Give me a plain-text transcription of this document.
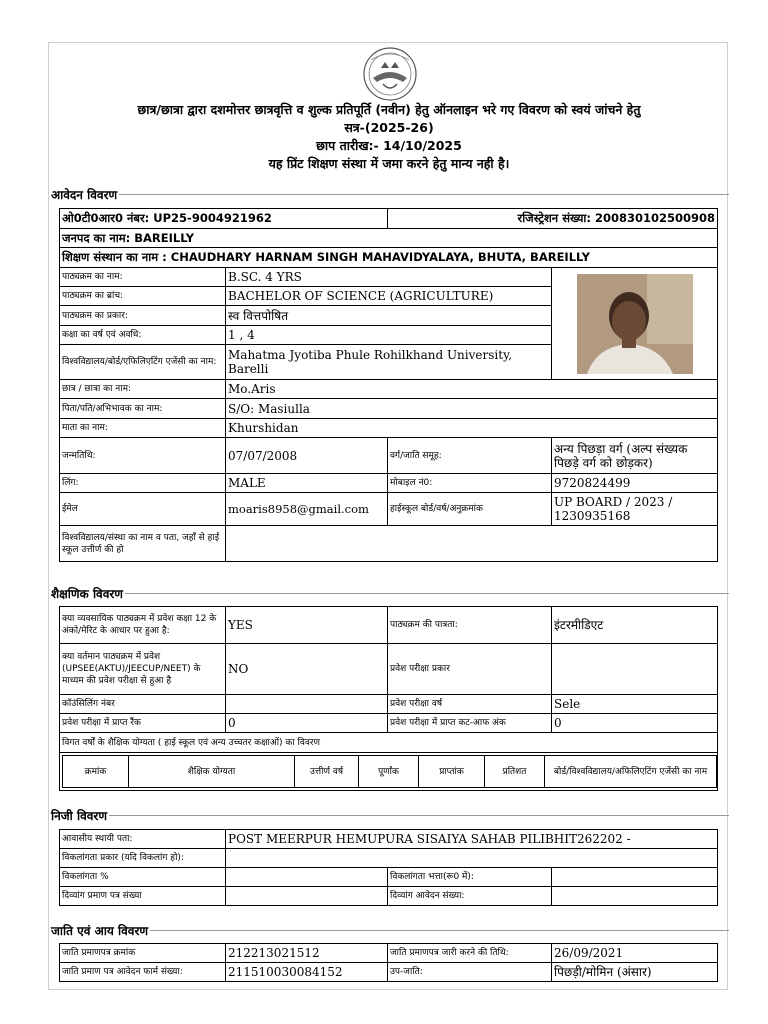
छात्र/छात्रा द्वारा दशमोत्तर छात्रवृत्ति व शुल्क प्रतिपूर्ति (नवीन) हेतु ऑनलाइन भरे गए विवरण को स्वयं जांचने हेतु
सत्र-(2025-26)
छाप तारीख:- 14/10/2025
यह प्रिंट शिक्षण संस्था में जमा करने हेतु मान्य नही है।
आवेदन विवरण
ओ0टी0आर0 नंबर: UP25-9004921962		रजिस्ट्रेशन संख्या: 200830102500908	
जनपद का नाम: BAREILLY			
शिक्षण संस्थान का नाम : CHAUDHARY HARNAM SINGH MAHAVIDYALAYA, BHUTA, BAREILLY			
पाठ्यक्रम का नाम:	B.SC. 4 YRS	

पाठ्यक्रम का ब्रांच:	BACHELOR OF SCIENCE (AGRICULTURE)		
पाठ्यक्रम का प्रकार:	स्व वित्तपोषित		
कक्षा का वर्ष एवं अवधि:	1 , 4		
विश्वविद्यालय/बोर्ड/एफिलिएटिंग एजेंसी का नाम:	Mahatma Jyotiba Phule Rohilkhand University, Barelli		
छात्र / छात्रा का नाम:	Mo.Aris		
पिता/पति/अभिभावक का नाम:	S/O: Masiulla		
माता का नाम:	Khurshidan		
जन्मतिथि:	07/07/2008	वर्ग/जाति समूह:	अन्य पिछड़ा वर्ग (अल्प संख्यक पिछड़े वर्ग को छोड़कर)
लिंग:	MALE	मोबाइल नं0:	9720824499
ईमेल	moaris8958@gmail.com	हाईस्कूल बोर्ड/वर्ष/अनुक्रमांक	UP BOARD / 2023 / 1230935168
विश्वविद्यालय/संस्था का नाम व पता, जहाँ से हाई स्कूल उत्तीर्ण की हो			
शैक्षणिक विवरण
क्या व्यवसायिक पाठ्यक्रम में प्रवेश कक्षा 12 के अंको/मेरिट के आधार पर हुआ है:	YES	पाठ्यक्रम की पात्रता:	इंटरमीडिएट
क्या वर्तमान पाठ्यक्रम में प्रवेश (UPSEE(AKTU)/JEECUP/NEET) के माध्यम की प्रवेश परीक्षा से हुआ है	NO	प्रवेश परीक्षा प्रकार	
कॉउंसिलिंग नंबर		प्रवेश परीक्षा वर्ष	Sele
प्रवेश परीक्षा में प्राप्त रैंक	0	प्रवेश परीक्षा में प्राप्त कट-आफ अंक	0
विगत वर्षों के शैक्षिक योग्यता ( हाई स्कूल एवं अन्य उच्चतर कक्षाओं) का विवरण

क्रमांक	शैक्षिक योग्यता	उत्तीर्ण वर्ष	पूर्णांक	प्राप्तांक	प्रतिशत	बोर्ड/विश्वविद्यालय/अफिलिएटिंग एजेंसी का नाम
निजी विवरण
आवासीय स्थायी पता:	POST MEERPUR HEMUPURA SISAIYA SAHAB PILIBHIT262202 -		
विकलांगता प्रकार (यदि विकलांग हो):			
विकलांगता %		विकलांगता भत्ता(रू0 में):	
दिव्यांग प्रमाण पत्र संख्या		दिव्यांग आवेदन संख्या:	
जाति एवं आय विवरण
जाति प्रमाणपत्र क्रमांक	212213021512	जाति प्रमाणपत्र जारी करने की तिथि:	26/09/2021
जाति प्रमाण पत्र आवेदन फार्म संख्या:	211510030084152	उप-जाति:	पिछड़ी/मोमिन (अंसार)
